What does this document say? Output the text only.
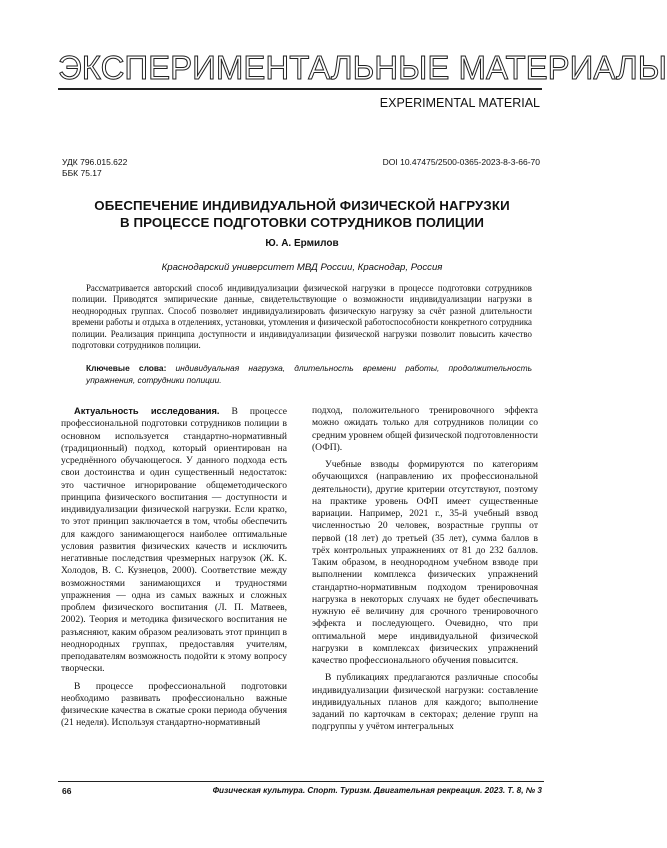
ЭКСПЕРИМЕНТАЛЬНЫЕ МАТЕРИАЛЫ
EXPERIMENTAL MATERIAL
УДК 796.015.622
ББК 75.17
DOI 10.47475/2500-0365-2023-8-3-66-70
ОБЕСПЕЧЕНИЕ ИНДИВИДУАЛЬНОЙ ФИЗИЧЕСКОЙ НАГРУЗКИ
В ПРОЦЕССЕ ПОДГОТОВКИ СОТРУДНИКОВ ПОЛИЦИИ
Ю. А. Ермилов
Краснодарский университет МВД России, Краснодар, Россия
Рассматривается авторский способ индивидуализации физической нагрузки в процессе подготовки сотрудников полиции. Приводятся эмпирические данные, свидетельствующие о возможности индивидуализации нагрузки в неоднородных группах. Способ позволяет индивидуализировать физическую нагрузку за счёт разной длительности времени работы и отдыха в отделениях, установки, утомления и физической работоспособности конкретного сотрудника полиции. Реализация принципа доступности и индивидуализации физической нагрузки позволит повысить качество подготовки сотрудников полиции.
Ключевые слова: индивидуальная нагрузка, длительность времени работы, продолжительность упражнения, сотрудники полиции.

Актуальность исследования. В процессе профессиональной подготовки сотрудников полиции в основном используется стандартно-нормативный (традиционный) подход, который ориентирован на усреднённого обучающегося. У данного подхода есть свои достоинства и один существенный недостаток: это частичное игнорирование общеметодического принципа физического воспитания — доступности и индивидуализации физической нагрузки. Если кратко, то этот принцип заключается в том, чтобы обеспечить для каждого занимающегося наиболее оптимальные условия развития физических качеств и исключить негативные последствия чрезмерных нагрузок (Ж. К. Холодов, В. С. Кузнецов, 2000). Соответствие между возможностями занимающихся и трудностями упражнения — одна из самых важных и сложных проблем физического воспитания (Л. П. Матвеев, 2002). Теория и методика физического воспитания не разъясняют, каким образом реализовать этот принцип в неоднородных группах, предоставляя учителям, преподавателям возможность подойти к этому вопросу творчески.

В процессе профессиональной подготовки необходимо развивать профессионально важные физические качества в сжатые сроки периода обучения (21 неделя). Используя стандартно-нормативный

подход, положительного тренировочного эффекта можно ожидать только для сотрудников полиции со средним уровнем общей физической подготовленности (ОФП).

Учебные взводы формируются по категориям обучающихся (направлению их профессиональной деятельности), другие критерии отсутствуют, поэтому на практике уровень ОФП имеет существенные вариации. Например, 2021 г., 35-й учебный взвод численностью 20 человек, возрастные группы от первой (18 лет) до третьей (35 лет), сумма баллов в трёх контрольных упражнениях от 81 до 232 баллов. Таким образом, в неоднородном учебном взводе при выполнении комплекса физических упражнений стандартно-нормативным подходом тренировочная нагрузка в некоторых случаях не будет обеспечивать нужную её величину для срочного тренировочного эффекта и последующего. Очевидно, что при оптимальной мере индивидуальной физической нагрузки в комплексах физических упражнений качество профессионального обучения повысится.

В публикациях предлагаются различные способы индивидуализации физической нагрузки: составление индивидуальных планов для каждого; выполнение заданий по карточкам в секторах; деление групп на подгруппы у учётом интегральных

66	Физическая культура. Спорт. Туризм. Двигательная рекреация. 2023. Т. 8, № 3
